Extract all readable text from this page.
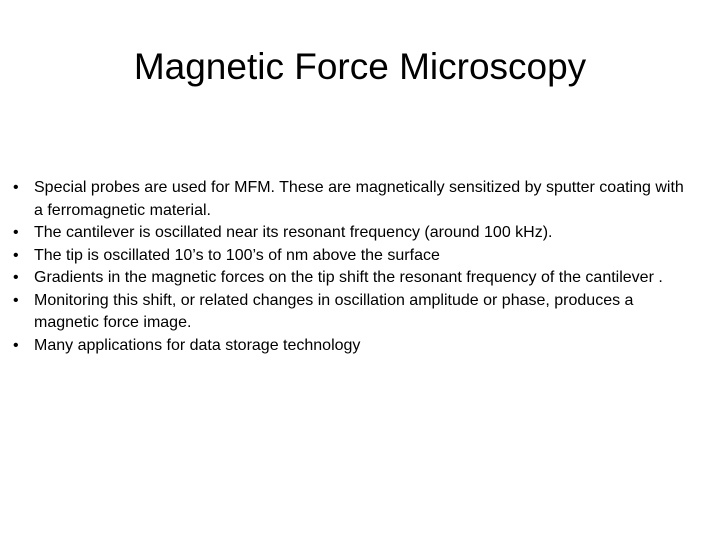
Magnetic Force Microscopy
• Special probes are used for MFM. These are magnetically sensitized by sputter coating with a ferromagnetic material.
• The cantilever is oscillated near its resonant frequency (around 100 kHz).
• The tip is oscillated 10’s to 100’s of nm above the surface
• Gradients in the magnetic forces on the tip shift the resonant frequency of the cantilever .
• Monitoring this shift, or related changes in oscillation amplitude or phase, produces a magnetic force image.
• Many applications for data storage technology
